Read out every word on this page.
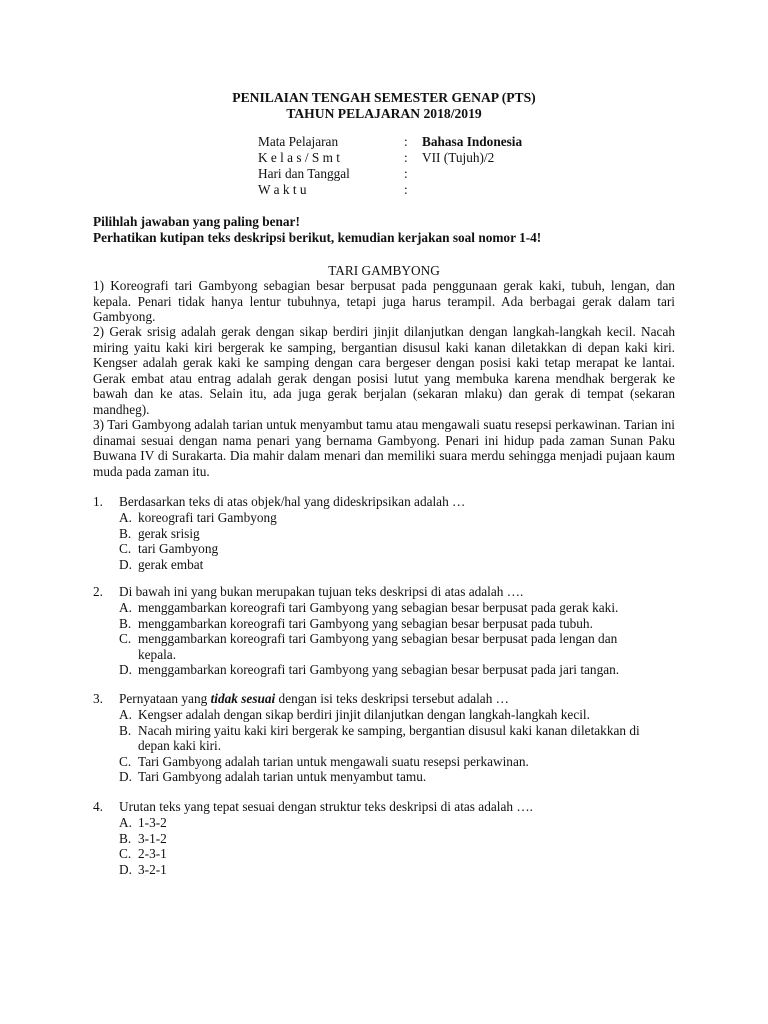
PENILAIAN TENGAH SEMESTER GENAP (PTS)
TAHUN PELAJARAN 2018/2019
Mata Pelajaran	: Bahasa Indonesia
K e l a s / S m t	: VII (Tujuh)/2
Hari dan Tanggal	:
W a k t u	:
Pilihlah jawaban yang paling benar!
Perhatikan kutipan teks deskripsi berikut, kemudian kerjakan soal nomor 1-4!
TARI GAMBYONG
1) Koreografi tari Gambyong sebagian besar berpusat pada penggunaan gerak kaki, tubuh, lengan, dan kepala. Penari tidak hanya lentur tubuhnya, tetapi juga harus terampil. Ada berbagai gerak dalam tari Gambyong.
2) Gerak srisig adalah gerak dengan sikap berdiri jinjit dilanjutkan dengan langkah-langkah kecil. Nacah miring yaitu kaki kiri bergerak ke samping, bergantian disusul kaki kanan diletakkan di depan kaki kiri. Kengser adalah gerak kaki ke samping dengan cara bergeser dengan posisi kaki tetap merapat ke lantai. Gerak embat atau entrag adalah gerak dengan posisi lutut yang membuka karena mendhak bergerak ke bawah dan ke atas. Selain itu, ada juga gerak berjalan (sekaran mlaku) dan gerak di tempat (sekaran mandheg).
3) Tari Gambyong adalah tarian untuk menyambut tamu atau mengawali suatu resepsi perkawinan. Tarian ini dinamai sesuai dengan nama penari yang bernama Gambyong. Penari ini hidup pada zaman Sunan Paku Buwana IV di Surakarta. Dia mahir dalam menari dan memiliki suara merdu sehingga menjadi pujaan kaum muda pada zaman itu.
1. Berdasarkan teks di atas objek/hal yang dideskripsikan adalah …
A. koreografi tari Gambyong
B. gerak srisig
C. tari Gambyong
D. gerak embat
2. Di bawah ini yang bukan merupakan tujuan teks deskripsi di atas adalah ….
A. menggambarkan koreografi tari Gambyong yang sebagian besar berpusat pada gerak kaki.
B. menggambarkan koreografi tari Gambyong yang sebagian besar berpusat pada tubuh.
C. menggambarkan koreografi tari Gambyong yang sebagian besar berpusat pada lengan dan kepala.
D. menggambarkan koreografi tari Gambyong yang sebagian besar berpusat pada jari tangan.
3. Pernyataan yang tidak sesuai dengan isi teks deskripsi tersebut adalah …
A. Kengser adalah dengan sikap berdiri jinjit dilanjutkan dengan langkah-langkah kecil.
B. Nacah miring yaitu kaki kiri bergerak ke samping, bergantian disusul kaki kanan diletakkan di depan kaki kiri.
C. Tari Gambyong adalah tarian untuk mengawali suatu resepsi perkawinan.
D. Tari Gambyong adalah tarian untuk menyambut tamu.
4. Urutan teks yang tepat sesuai dengan struktur teks deskripsi di atas adalah ….
A. 1-3-2
B. 3-1-2
C. 2-3-1
D. 3-2-1
